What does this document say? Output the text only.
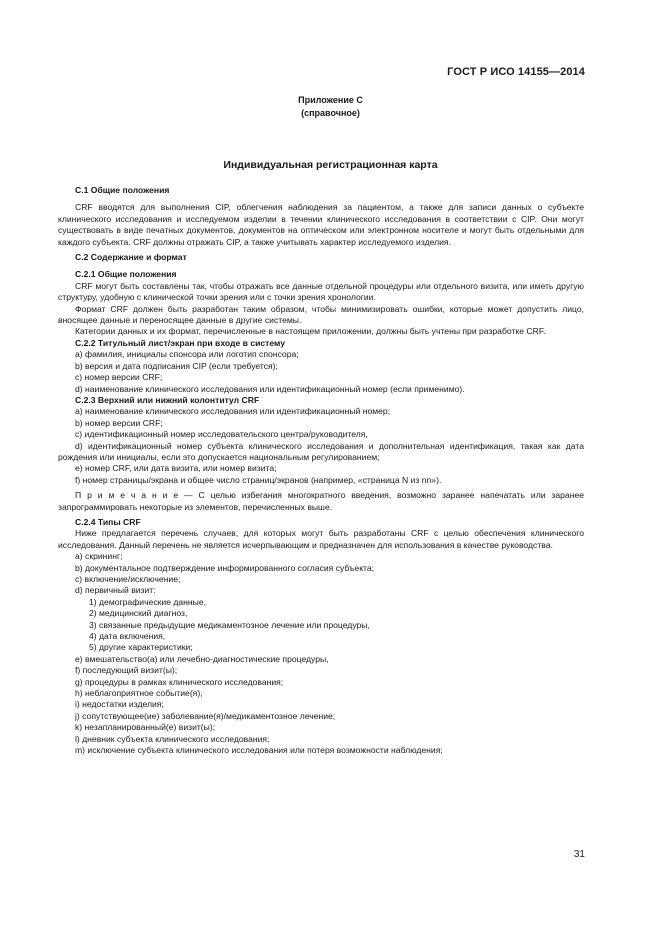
ГОСТ Р ИСО 14155—2014
Приложение С
(справочное)
Индивидуальная регистрационная карта
С.1 Общие положения
CRF вводятся для выполнения CIP, облегчения наблюдения за пациентом, а также для записи данных о субъекте клинического исследования и исследуемом изделии в течении клинического исследования в соответствии с CIP. Они могут существовать в виде печатных документов, документов на оптическом или электронном носителе и могут быть отдельными для каждого субъекта. CRF должны отражать CIP, а также учитывать характер исследуемого изделия.
С.2 Содержание и формат
С.2.1 Общие положения
CRF могут быть составлены так, чтобы отражать все данные отдельной процедуры или отдельного визита, или иметь другую структуру, удобную с клинической точки зрения или с точки зрения хронологии.
Формат CRF должен быть разработан таким образом, чтобы минимизировать ошибки, которые может допустить лицо, вносящее данные и переносящее данные в другие системы.
Категории данных и их формат, перечисленные в настоящем приложении, должны быть учтены при разработке CRF.
С.2.2 Титульный лист/экран при входе в систему
a) фамилия, инициалы спонсора или логотип спонсора;
b) версия и дата подписания CIP (если требуется);
c) номер версии CRF;
d) наименование клинического исследования или идентификационный номер (если применимо).
С.2.3 Верхний или нижний колонтитул CRF
a) наименование клинического исследования или идентификационный номер;
b) номер версии CRF;
c) идентификационный номер исследовательского центра/руководителя,
d) идентификационный номер субъекта клинического исследования и дополнительная идентификация, такая как дата рождения или инициалы, если это допускается национальным регулированием;
e) номер CRF, или дата визита, или номер визита;
f) номер страницы/экрана и общее число страниц/экранов (например, «страница N из nn»).
П р и м е ч а н и е — С целью избегания многократного введения, возможно заранее напечатать или заранее запрограммировать некоторые из элементов, перечисленных выше.
С.2.4 Типы CRF
Ниже предлагается перечень случаев, для которых могут быть разработаны CRF с целью обеспечения клинического исследования. Данный перечень не является исчерпывающим и предназначен для использования в качестве руководства.
a) скрининг;
b) документальное подтверждение информированного согласия субъекта;
c) включение/исключение;
d) первичный визит:
1) демографические данные,
2) медицинский диагноз,
3) связанные предыдущие медикаментозное лечение или процедуры,
4) дата включения,
5) другие характеристики;
e) вмешательство(а) или лечебно-диагностические процедуры,
f) последующий визит(ы);
g) процедуры в рамках клинического исследования;
h) неблагоприятное событие(я),
i) недостатки изделия;
j) сопутствующее(ие) заболевание(я)/медикаментозное лечение;
k) незапланированный(е) визит(ы);
l) дневник субъекта клинического исследования;
m) исключение субъекта клинического исследования или потеря возможности наблюдения;
31
